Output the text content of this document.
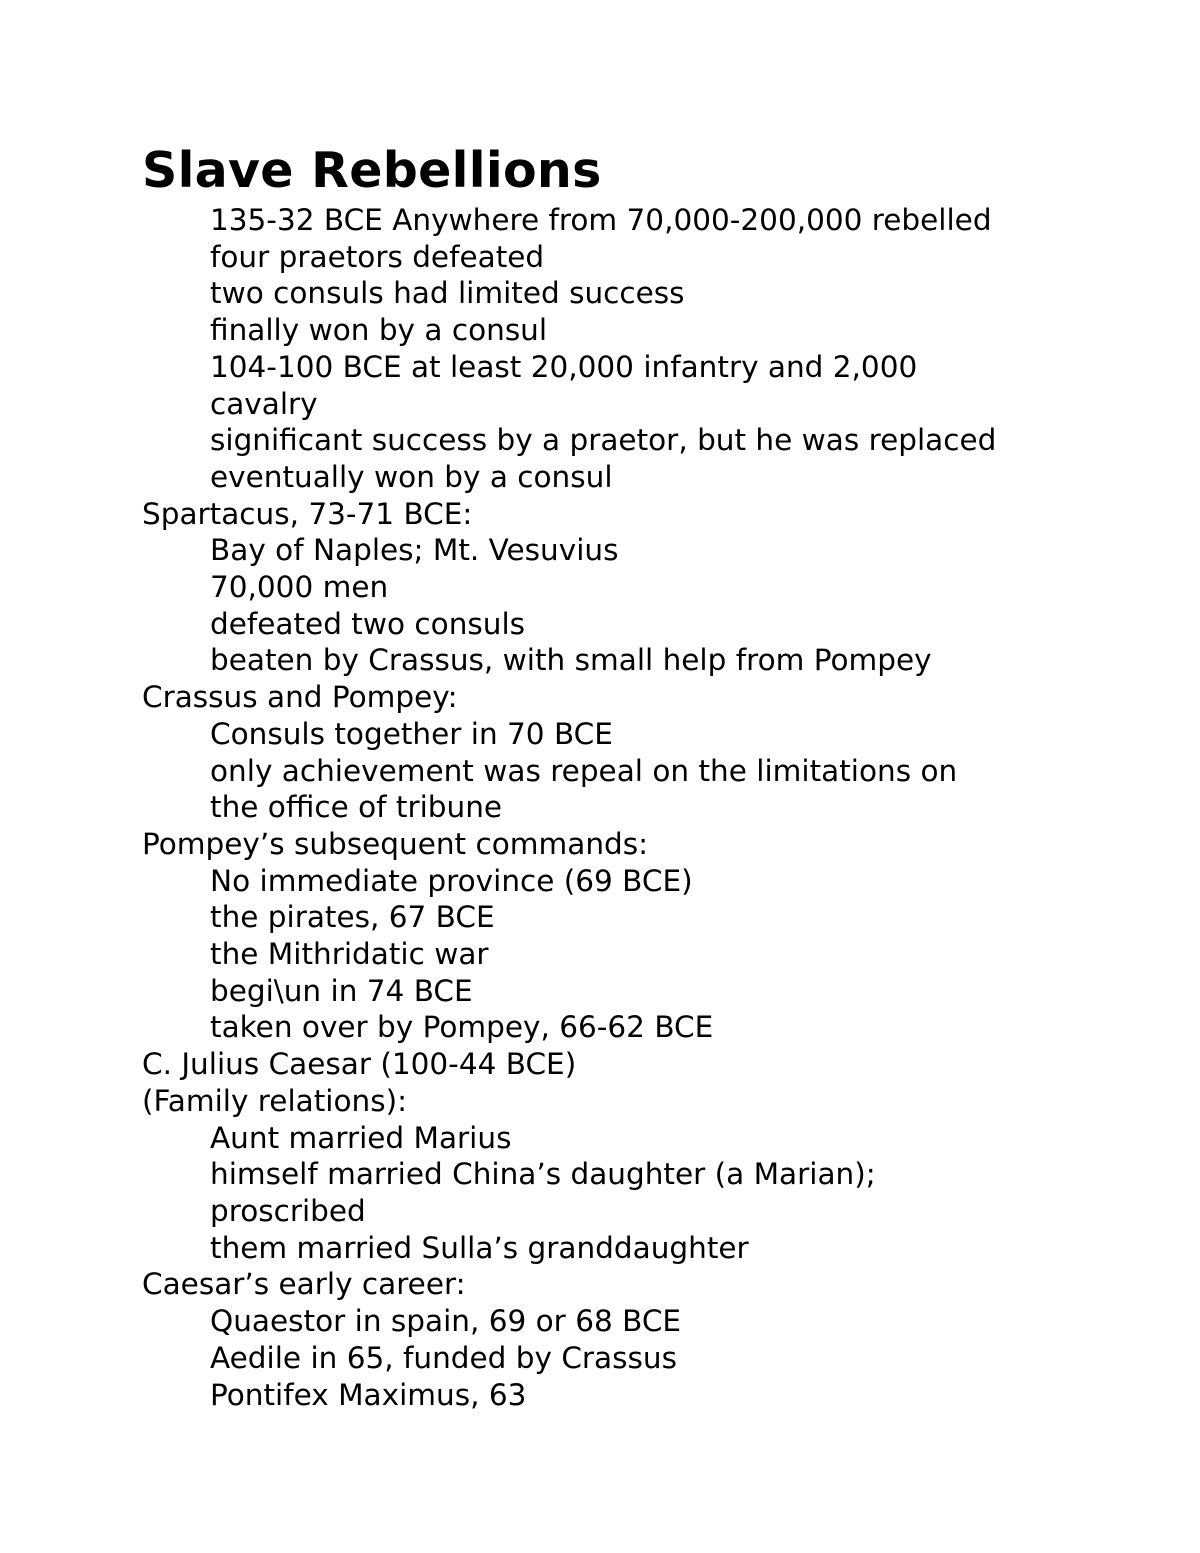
Slave Rebellions
135-32 BCE Anywhere from 70,000-200,000 rebelled
four praetors defeated
two consuls had limited success
finally won by a consul
104-100 BCE at least 20,000 infantry and 2,000
cavalry
significant success by a praetor, but he was replaced
eventually won by a consul
Spartacus, 73-71 BCE:
Bay of Naples; Mt. Vesuvius
70,000 men
defeated two consuls
beaten by Crassus, with small help from Pompey
Crassus and Pompey:
Consuls together in 70 BCE
only achievement was repeal on the limitations on
the office of tribune
Pompey’s subsequent commands:
No immediate province (69 BCE)
the pirates, 67 BCE
the Mithridatic war
begi\un in 74 BCE
taken over by Pompey, 66-62 BCE
C. Julius Caesar (100-44 BCE)
(Family relations):
Aunt married Marius
himself married China’s daughter (a Marian);
proscribed
them married Sulla’s granddaughter
Caesar’s early career:
Quaestor in spain, 69 or 68 BCE
Aedile in 65, funded by Crassus
Pontifex Maximus, 63
